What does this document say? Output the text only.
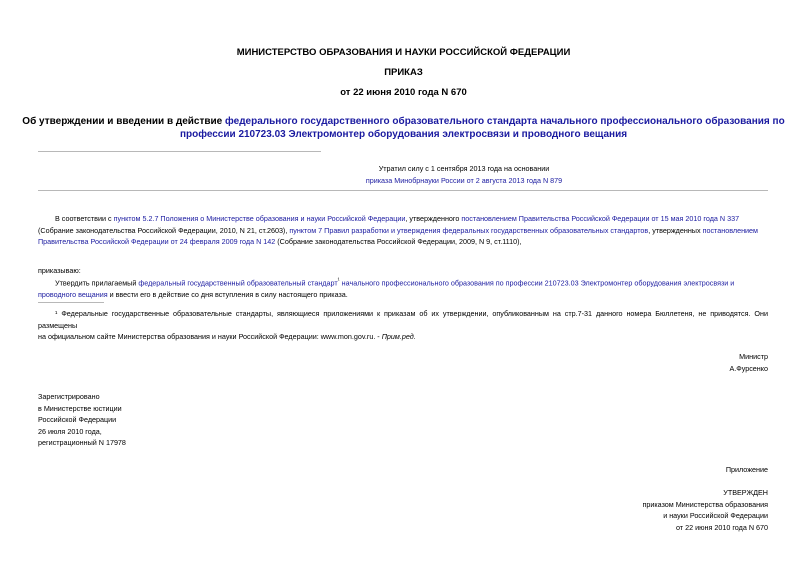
МИНИСТЕРСТВО ОБРАЗОВАНИЯ И НАУКИ РОССИЙСКОЙ ФЕДЕРАЦИИ
ПРИКАЗ
от 22 июня 2010 года N 670
Об утверждении и введении в действие федерального государственного образовательного стандарта начального профессионального образования по
профессии 210723.03 Электромонтер оборудования электросвязи и проводного вещания
Утратил силу с 1 сентября 2013 года на основании
приказа Минобрнауки России от 2 августа 2013 года N 879
В соответствии с пунктом 5.2.7 Положения о Министерстве образования и науки Российской Федерации, утвержденного постановлением Правительства Российской Федерации от 15 мая 2010 года N 337
(Собрание законодательства Российской Федерации, 2010, N 21, ст.2603), пунктом 7 Правил разработки и утверждения федеральных государственных образовательных стандартов, утвержденных постановлением
Правительства Российской Федерации от 24 февраля 2009 года N 142 (Собрание законодательства Российской Федерации, 2009, N 9, ст.1110),
приказываю:
Утвердить прилагаемый федеральный государственный образовательный стандарт$^{^1}$ начального профессионального образования по профессии 210723.03 Электромонтер оборудования электросвязи и
проводного вещания и ввести его в действие со дня вступления в силу настоящего приказа.
¹ Федеральные государственные образовательные стандарты, являющиеся приложениями к приказам об их утверждении, опубликованным на стр.7-31 данного номера Бюллетеня, не приводятся. Они размещены
на официальном сайте Министерства образования и науки Российской Федерации: www.mon.gov.ru. - Прим.ред.
Министр
А.Фурсенко
Зарегистрировано
в Министерстве юстиции
Российской Федерации
26 июля 2010 года,
регистрационный N 17978
Приложение
УТВЕРЖДЕН
приказом Министерства образования
и науки Российской Федерации
от 22 июня 2010 года N 670
